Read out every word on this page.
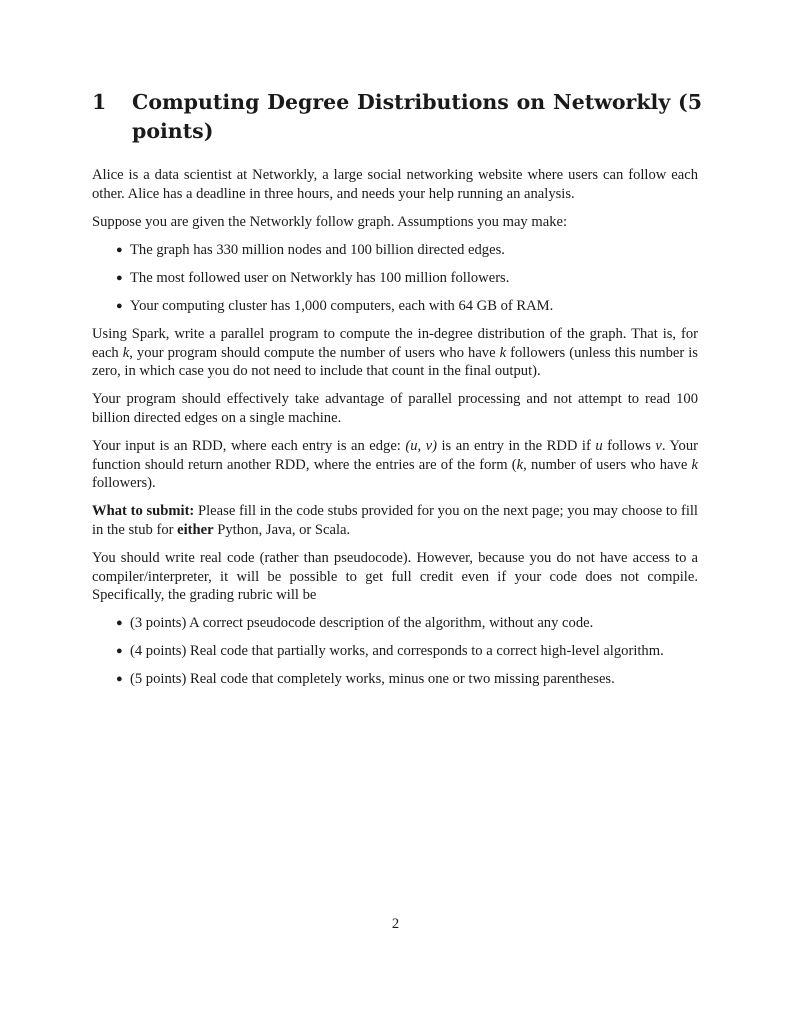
1	Computing Degree Distributions on Networkly (5 points)

Alice is a data scientist at Networkly, a large social networking website where users can follow each other. Alice has a deadline in three hours, and needs your help running an analysis.

Suppose you are given the Networkly follow graph. Assumptions you may make:

● The graph has 330 million nodes and 100 billion directed edges.
● The most followed user on Networkly has 100 million followers.
● Your computing cluster has 1,000 computers, each with 64 GB of RAM.

Using Spark, write a parallel program to compute the in-degree distribution of the graph. That is, for each k, your program should compute the number of users who have k followers (unless this number is zero, in which case you do not need to include that count in the final output).

Your program should effectively take advantage of parallel processing and not attempt to read 100 billion directed edges on a single machine.

Your input is an RDD, where each entry is an edge: (u, v) is an entry in the RDD if u follows v. Your function should return another RDD, where the entries are of the form (k, number of users who have k followers).

What to submit: Please fill in the code stubs provided for you on the next page; you may choose to fill in the stub for either Python, Java, or Scala.

You should write real code (rather than pseudocode). However, because you do not have access to a compiler/interpreter, it will be possible to get full credit even if your code does not compile. Specifically, the grading rubric will be

● (3 points) A correct pseudocode description of the algorithm, without any code.
● (4 points) Real code that partially works, and corresponds to a correct high-level algorithm.
● (5 points) Real code that completely works, minus one or two missing parentheses.
2
